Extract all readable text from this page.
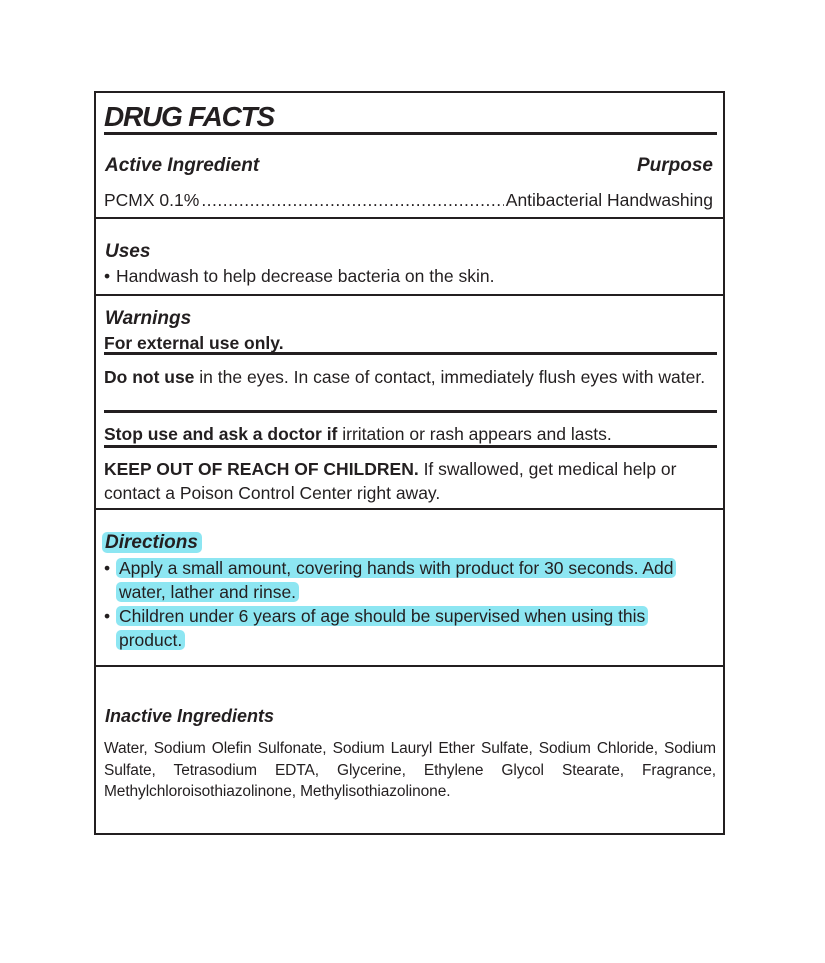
DRUG FACTS
Active Ingredient	Purpose
PCMX 0.1%
.....	Antibacterial Handwashing
Uses
• Handwash to help decrease bacteria on the skin.
Warnings
For external use only.
Do not use in the eyes. In case of contact, immediately flush eyes with water.
Stop use and ask a doctor if irritation or rash appears and lasts.
KEEP OUT OF REACH OF CHILDREN. If swallowed, get medical help or contact a Poison Control Center right away.
Directions
• Apply a small amount, covering hands with product for 30 seconds. Add water, lather and rinse.
• Children under 6 years of age should be supervised when using this product.
Inactive Ingredients
Water, Sodium Olefin Sulfonate, Sodium Lauryl Ether Sulfate, Sodium Chloride, Sodium Sulfate, Tetrasodium EDTA, Glycerine, Ethylene Glycol Stearate, Fragrance, Methylchloroisothiazolinone, Methylisothiazolinone.
